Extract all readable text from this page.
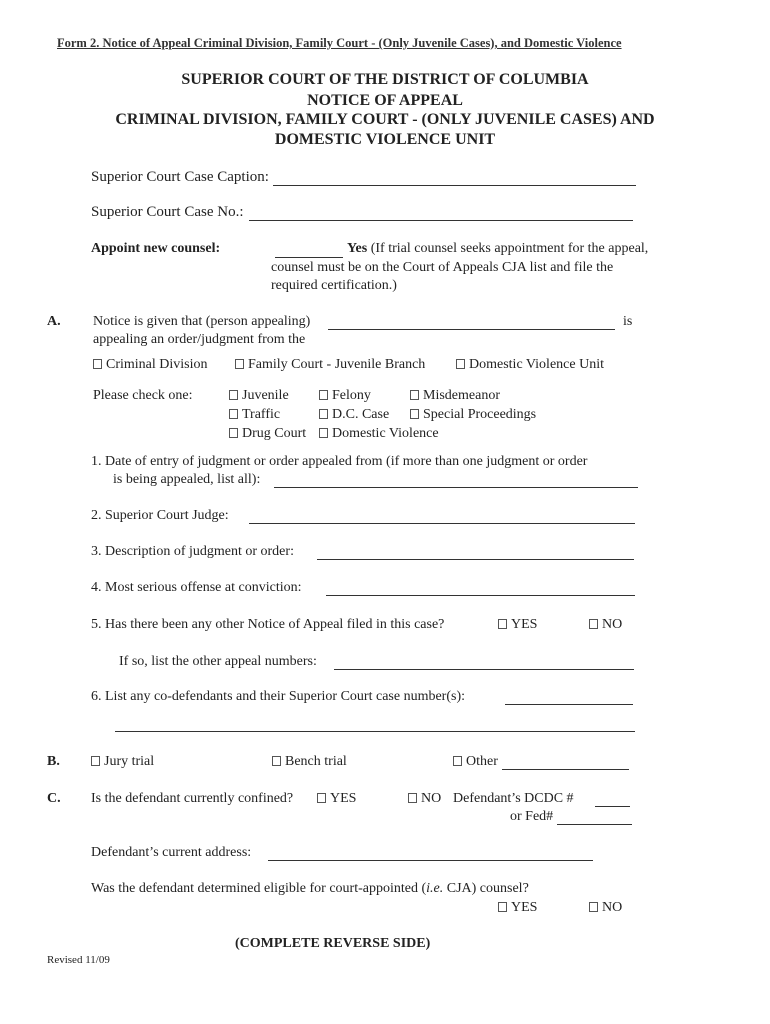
Form 2. Notice of Appeal Criminal Division, Family Court - (Only Juvenile Cases), and Domestic Violence
SUPERIOR COURT OF THE DISTRICT OF COLUMBIA
NOTICE OF APPEAL
CRIMINAL DIVISION, FAMILY COURT - (ONLY JUVENILE CASES) AND
DOMESTIC VIOLENCE UNIT
Superior Court Case Caption:
Superior Court Case No.:
Appoint new counsel:	Yes (If trial counsel seeks appointment for the appeal,
counsel must be on the Court of Appeals CJA list and file the
required certification.)
A. Notice is given that (person appealing)	is
appealing an order/judgment from the
Criminal Division	Family Court - Juvenile Branch	Domestic Violence Unit
Please check one:	Juvenile	Felony	Misdemeanor
Traffic	D.C. Case	Special Proceedings
Drug Court	Domestic Violence
1. Date of entry of judgment or order appealed from (if more than one judgment or order
is being appealed, list all):
2. Superior Court Judge:
3. Description of judgment or order:
4. Most serious offense at conviction:
5. Has there been any other Notice of Appeal filed in this case?	YES	NO
If so, list the other appeal numbers:
6. List any co-defendants and their Superior Court case number(s):
B.	Jury trial	Bench trial	Other
C. Is the defendant currently confined?	YES	NO Defendant’s DCDC #
or Fed#
Defendant’s current address:
Was the defendant determined eligible for court-appointed (i.e. CJA) counsel?
YES	NO
(COMPLETE REVERSE SIDE)
Revised 11/09
